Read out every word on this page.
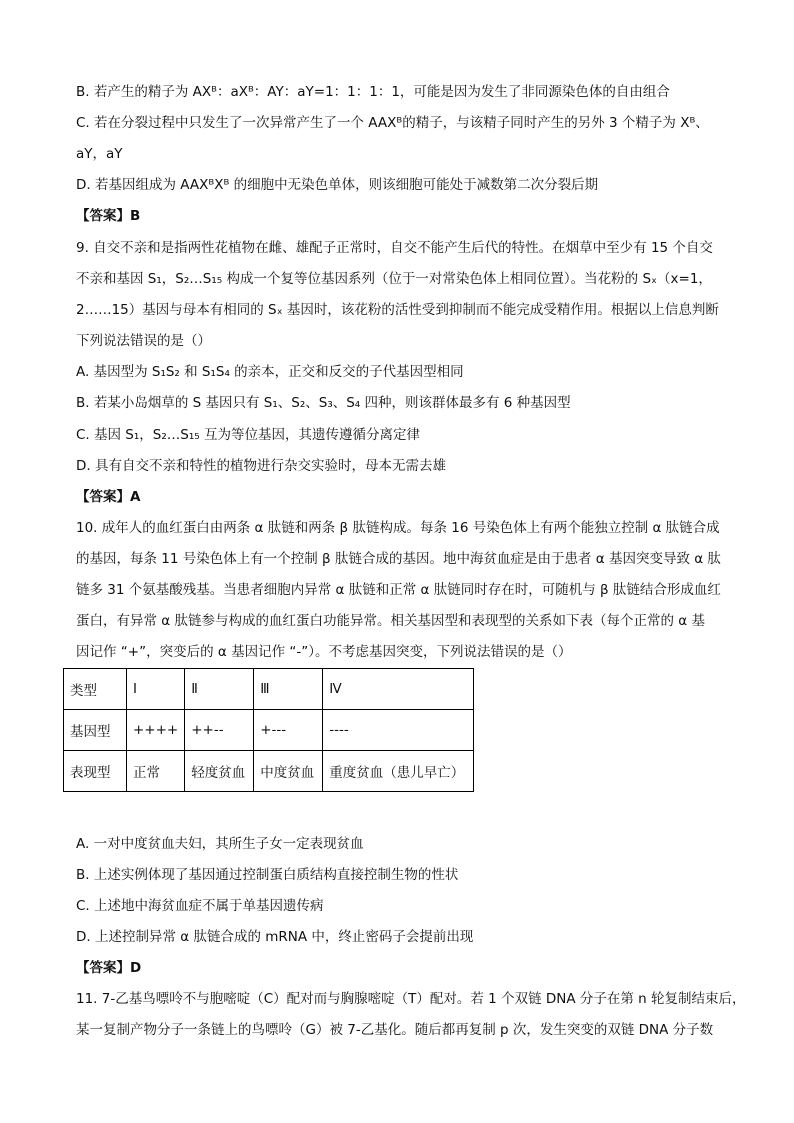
B. 若产生的精子为 AXᴮ：aXᴮ：AY：aY=1：1：1：1，可能是因为发生了非同源染色体的自由组合
C. 若在分裂过程中只发生了一次异常产生了一个 AAXᴮ的精子，与该精子同时产生的另外 3 个精子为 Xᴮ、
aY，aY
D. 若基因组成为 AAXᴮXᴮ 的细胞中无染色单体，则该细胞可能处于减数第二次分裂后期
【答案】B
9. 自交不亲和是指两性花植物在雌、雄配子正常时，自交不能产生后代的特性。在烟草中至少有 15 个自交
不亲和基因 S₁，S₂…S₁₅ 构成一个复等位基因系列（位于一对常染色体上相同位置）。当花粉的 Sₓ（x=1，
2……15）基因与母本有相同的 Sₓ 基因时，该花粉的活性受到抑制而不能完成受精作用。根据以上信息判断
下列说法错误的是（）
A. 基因型为 S₁S₂ 和 S₁S₄ 的亲本，正交和反交的子代基因型相同
B. 若某小岛烟草的 S 基因只有 S₁、S₂、S₃、S₄ 四种，则该群体最多有 6 种基因型
C. 基因 S₁，S₂…S₁₅ 互为等位基因，其遗传遵循分离定律
D. 具有自交不亲和特性的植物进行杂交实验时，母本无需去雄
【答案】A
10. 成年人的血红蛋白由两条 α 肽链和两条 β 肽链构成。每条 16 号染色体上有两个能独立控制 α 肽链合成
的基因，每条 11 号染色体上有一个控制 β 肽链合成的基因。地中海贫血症是由于患者 α 基因突变导致 α 肽
链多 31 个氨基酸残基。当患者细胞内异常 α 肽链和正常 α 肽链同时存在时，可随机与 β 肽链结合形成血红
蛋白，有异常 α 肽链参与构成的血红蛋白功能异常。相关基因型和表现型的关系如下表（每个正常的 α 基
因记作 “+”，突变后的 α 基因记作 “-”）。不考虑基因突变，下列说法错误的是（）
类型	Ⅰ	Ⅱ	Ⅲ	Ⅳ
基因型	++++	++--	+---	----
表现型	正常	轻度贫血	中度贫血	重度贫血（患儿早亡）
A. 一对中度贫血夫妇，其所生子女一定表现贫血
B. 上述实例体现了基因通过控制蛋白质结构直接控制生物的性状
C. 上述地中海贫血症不属于单基因遗传病
D. 上述控制异常 α 肽链合成的 mRNA 中，终止密码子会提前出现
【答案】D
11. 7-乙基鸟嘌呤不与胞嘧啶（C）配对而与胸腺嘧啶（T）配对。若 1 个双链 DNA 分子在第 n 轮复制结束后，
某一复制产物分子一条链上的鸟嘌呤（G）被 7-乙基化。随后都再复制 p 次，发生突变的双链 DNA 分子数
